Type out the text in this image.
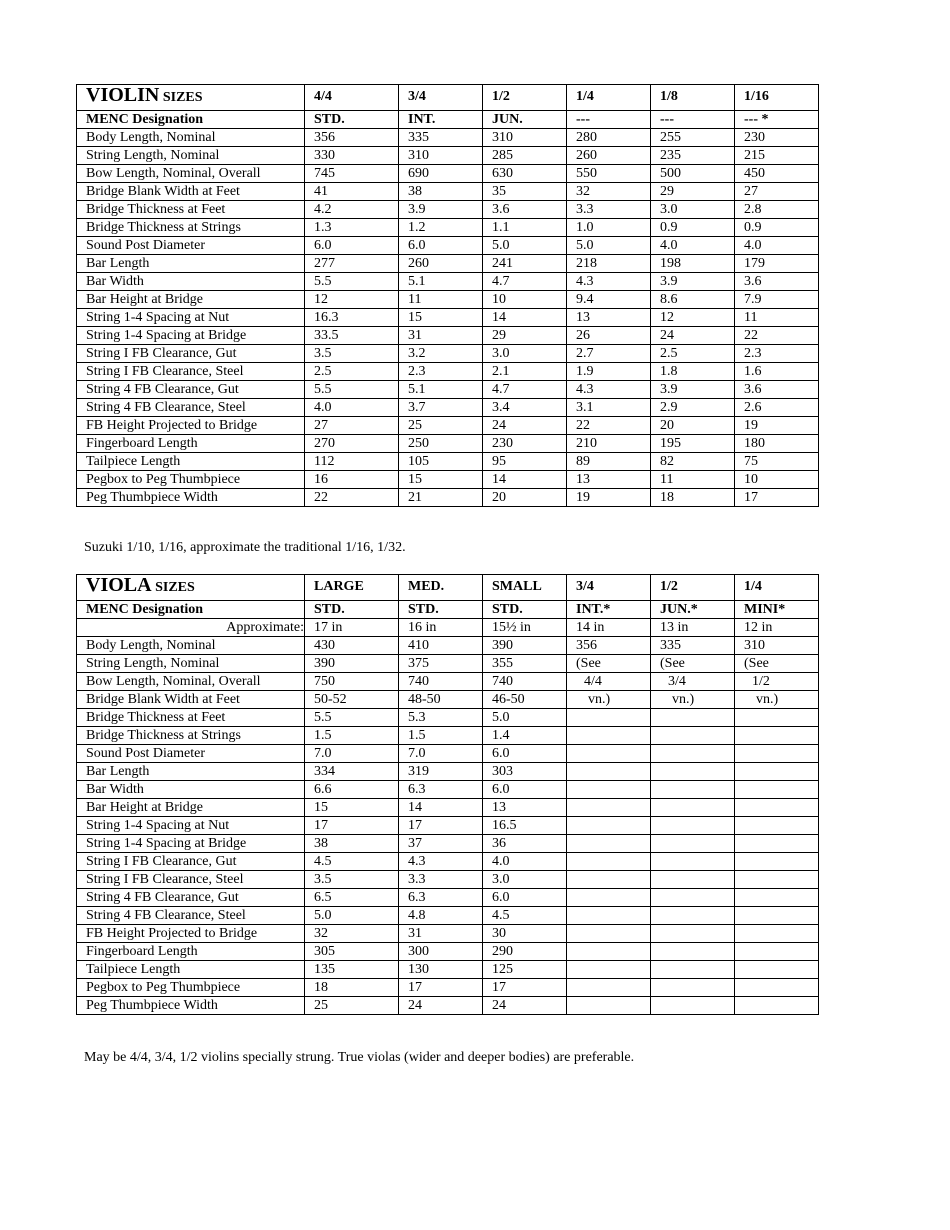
VIOLIN SIZES	4/4	3/4	1/2	1/4	1/8	1/16
MENC Designation	STD.	INT.	JUN.	---	---	--- *
Body Length, Nominal	356	335	310	280	255	230
String Length, Nominal	330	310	285	260	235	215
Bow Length, Nominal, Overall	745	690	630	550	500	450
Bridge Blank Width at Feet	41	38	35	32	29	27
Bridge Thickness at Feet	4.2	3.9	3.6	3.3	3.0	2.8
Bridge Thickness at Strings	1.3	1.2	1.1	1.0	0.9	0.9
Sound Post Diameter	6.0	6.0	5.0	5.0	4.0	4.0
Bar Length	277	260	241	218	198	179
Bar Width	5.5	5.1	4.7	4.3	3.9	3.6
Bar Height at Bridge	12	11	10	9.4	8.6	7.9
String 1-4 Spacing at Nut	16.3	15	14	13	12	11
String 1-4 Spacing at Bridge	33.5	31	29	26	24	22
String I FB Clearance, Gut	3.5	3.2	3.0	2.7	2.5	2.3
String I FB Clearance, Steel	2.5	2.3	2.1	1.9	1.8	1.6
String 4 FB Clearance, Gut	5.5	5.1	4.7	4.3	3.9	3.6
String 4 FB Clearance, Steel	4.0	3.7	3.4	3.1	2.9	2.6
FB Height Projected to Bridge	27	25	24	22	20	19
Fingerboard Length	270	250	230	210	195	180
Tailpiece Length	112	105	95	89	82	75
Pegbox to Peg Thumbpiece	16	15	14	13	11	10
Peg Thumbpiece Width	22	21	20	19	18	17

Suzuki 1/10, 1/16, approximate the traditional 1/16, 1/32.

VIOLA SIZES	LARGE	MED.	SMALL	3/4	1/2	1/4
MENC Designation	STD.	STD.	STD.	INT.*	JUN.*	MINI*
Approximate:	17 in	16 in	15½ in	14 in	13 in	12 in
Body Length, Nominal	430	410	390	356	335	310
String Length, Nominal	390	375	355	(See	(See	(See
Bow Length, Nominal, Overall	750	740	740	4/4	3/4	1/2
Bridge Blank Width at Feet	50-52	48-50	46-50	vn.)	vn.)	vn.)
Bridge Thickness at Feet	5.5	5.3	5.0			
Bridge Thickness at Strings	1.5	1.5	1.4			
Sound Post Diameter	7.0	7.0	6.0			
Bar Length	334	319	303			
Bar Width	6.6	6.3	6.0			
Bar Height at Bridge	15	14	13			
String 1-4 Spacing at Nut	17	17	16.5			
String 1-4 Spacing at Bridge	38	37	36			
String I FB Clearance, Gut	4.5	4.3	4.0			
String I FB Clearance, Steel	3.5	3.3	3.0			
String 4 FB Clearance, Gut	6.5	6.3	6.0			
String 4 FB Clearance, Steel	5.0	4.8	4.5			
FB Height Projected to Bridge	32	31	30			
Fingerboard Length	305	300	290			
Tailpiece Length	135	130	125			
Pegbox to Peg Thumbpiece	18	17	17			
Peg Thumbpiece Width	25	24	24			

May be 4/4, 3/4, 1/2 violins specially strung. True violas (wider and deeper bodies) are preferable.
